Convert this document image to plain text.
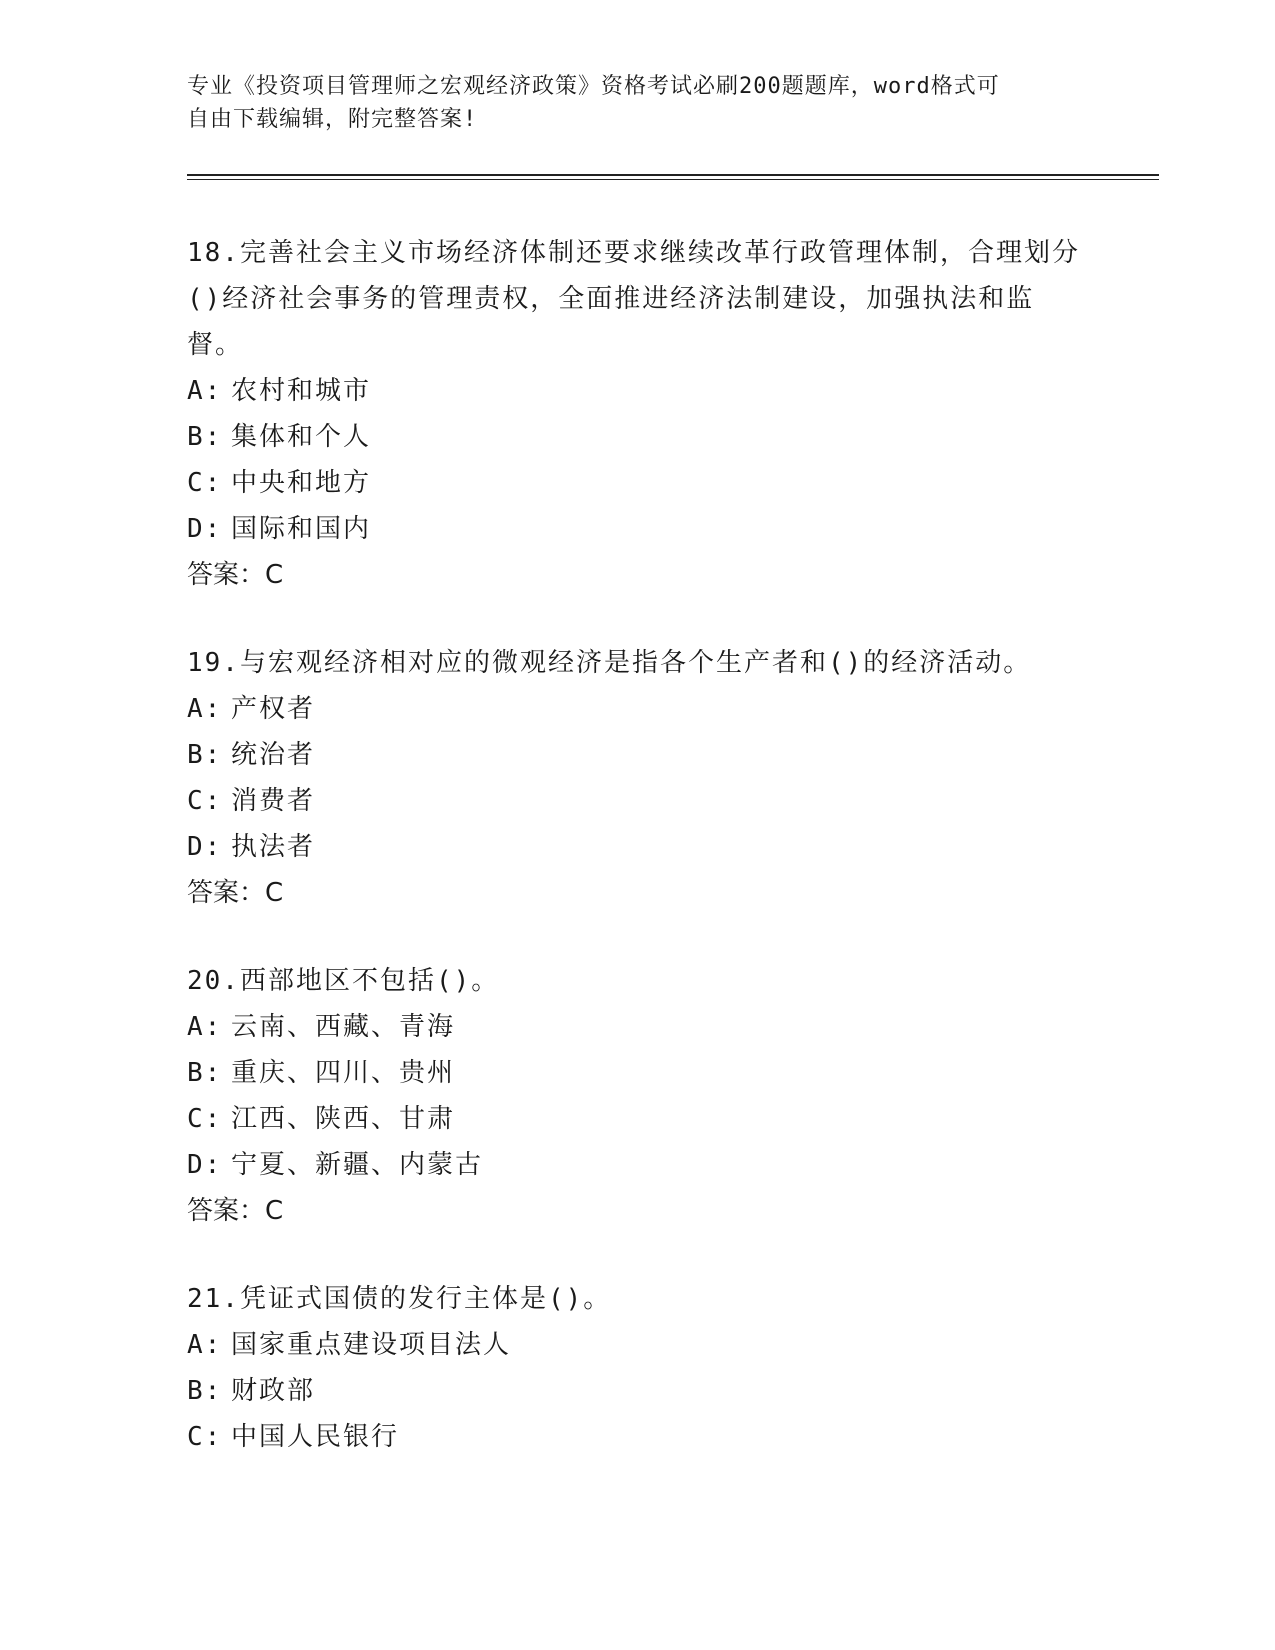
专业《投资项目管理师之宏观经济政策》资格考试必刷200题题库，word格式可
自由下载编辑，附完整答案!
18.完善社会主义市场经济体制还要求继续改革行政管理体制，合理划分()经济社会事务的管理责权，全面推进经济法制建设，加强执法和监督。
A: 农村和城市
B: 集体和个人
C: 中央和地方
D: 国际和国内
答案：C
19.与宏观经济相对应的微观经济是指各个生产者和()的经济活动。
A: 产权者
B: 统治者
C: 消费者
D: 执法者
答案：C
20.西部地区不包括()。
A: 云南、西藏、青海
B: 重庆、四川、贵州
C: 江西、陕西、甘肃
D: 宁夏、新疆、内蒙古
答案：C
21.凭证式国债的发行主体是()。
A: 国家重点建设项目法人
B: 财政部
C: 中国人民银行
